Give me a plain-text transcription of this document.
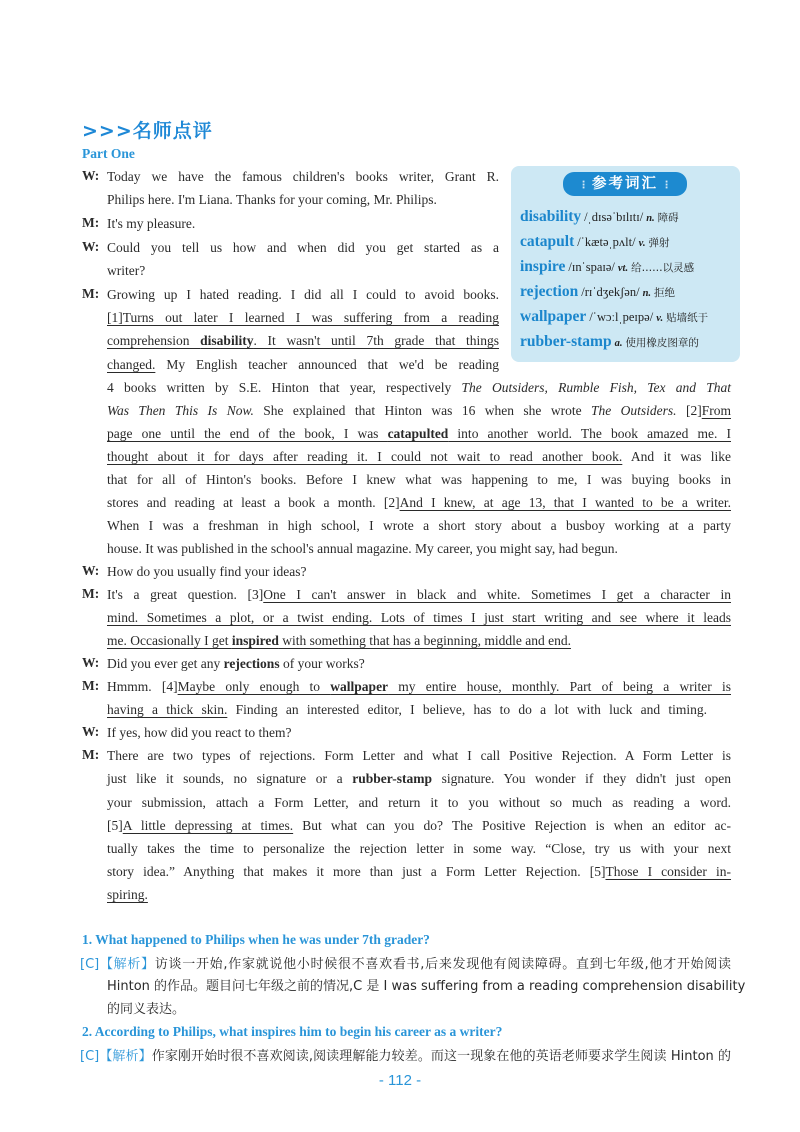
>>>名师点评
Part One
⋮ 参考词汇 ⋮
disability /ˌdɪsəˈbɪlɪtɪ/ n. 障碍
catapult /ˈkætəˌpʌlt/ v. 弹射
inspire /ɪnˈspaɪə/ vt. 给……以灵感
rejection /rɪˈdʒekʃən/ n. 拒绝
wallpaper /ˈwɔːlˌpeɪpə/ v. 贴墙纸于
rubber-stamp a. 使用橡皮图章的
W: Today we have the famous children's books writer, Grant R.
Philips here. I'm Liana. Thanks for your coming, Mr. Philips.
M: It's my pleasure.
W: Could you tell us how and when did you get started as a
writer?
M: Growing up I hated reading. I did all I could to avoid books.
[1]Turns out later I learned I was suffering from a reading
comprehension disability. It wasn't until 7th grade that things
changed. My English teacher announced that we'd be reading
4 books written by S.E. Hinton that year, respectively The Outsiders, Rumble Fish, Tex and That
Was Then This Is Now. She explained that Hinton was 16 when she wrote The Outsiders. [2]From
page one until the end of the book, I was catapulted into another world. The book amazed me. I
thought about it for days after reading it. I could not wait to read another book. And it was like
that for all of Hinton's books. Before I knew what was happening to me, I was buying books in
stores and reading at least a book a month. [2]And I knew, at age 13, that I wanted to be a writer.
When I was a freshman in high school, I wrote a short story about a busboy working at a party
house. It was published in the school's annual magazine. My career, you might say, had begun.
W: How do you usually find your ideas?
M: It's a great question. [3]One I can't answer in black and white. Sometimes I get a character in
mind. Sometimes a plot, or a twist ending. Lots of times I just start writing and see where it leads
me. Occasionally I get inspired with something that has a beginning, middle and end.
W: Did you ever get any rejections of your works?
M: Hmmm. [4]Maybe only enough to wallpaper my entire house, monthly. Part of being a writer is
having a thick skin. Finding an interested editor, I believe, has to do a lot with luck and timing.
W: If yes, how did you react to them?
M: There are two types of rejections. Form Letter and what I call Positive Rejection. A Form Letter is
just like it sounds, no signature or a rubber-stamp signature. You wonder if they didn't just open
your submission, attach a Form Letter, and return it to you without so much as reading a word.
[5]A little depressing at times. But what can you do? The Positive Rejection is when an editor ac-
tually takes the time to personalize the rejection letter in some way. “Close, try us with your next
story idea.” Anything that makes it more than just a Form Letter Rejection. [5]Those I consider in-
spiring.
1. What happened to Philips when he was under 7th grader?
[C]【解析】访谈一开始,作家就说他小时候很不喜欢看书,后来发现他有阅读障碍。直到七年级,他才开始阅读
Hinton 的作品。题目问七年级之前的情况,C 是 I was suffering from a reading comprehension disability
的同义表达。
2. According to Philips, what inspires him to begin his career as a writer?
[C]【解析】作家刚开始时很不喜欢阅读,阅读理解能力较差。而这一现象在他的英语老师要求学生阅读 Hinton 的
- 112 -
